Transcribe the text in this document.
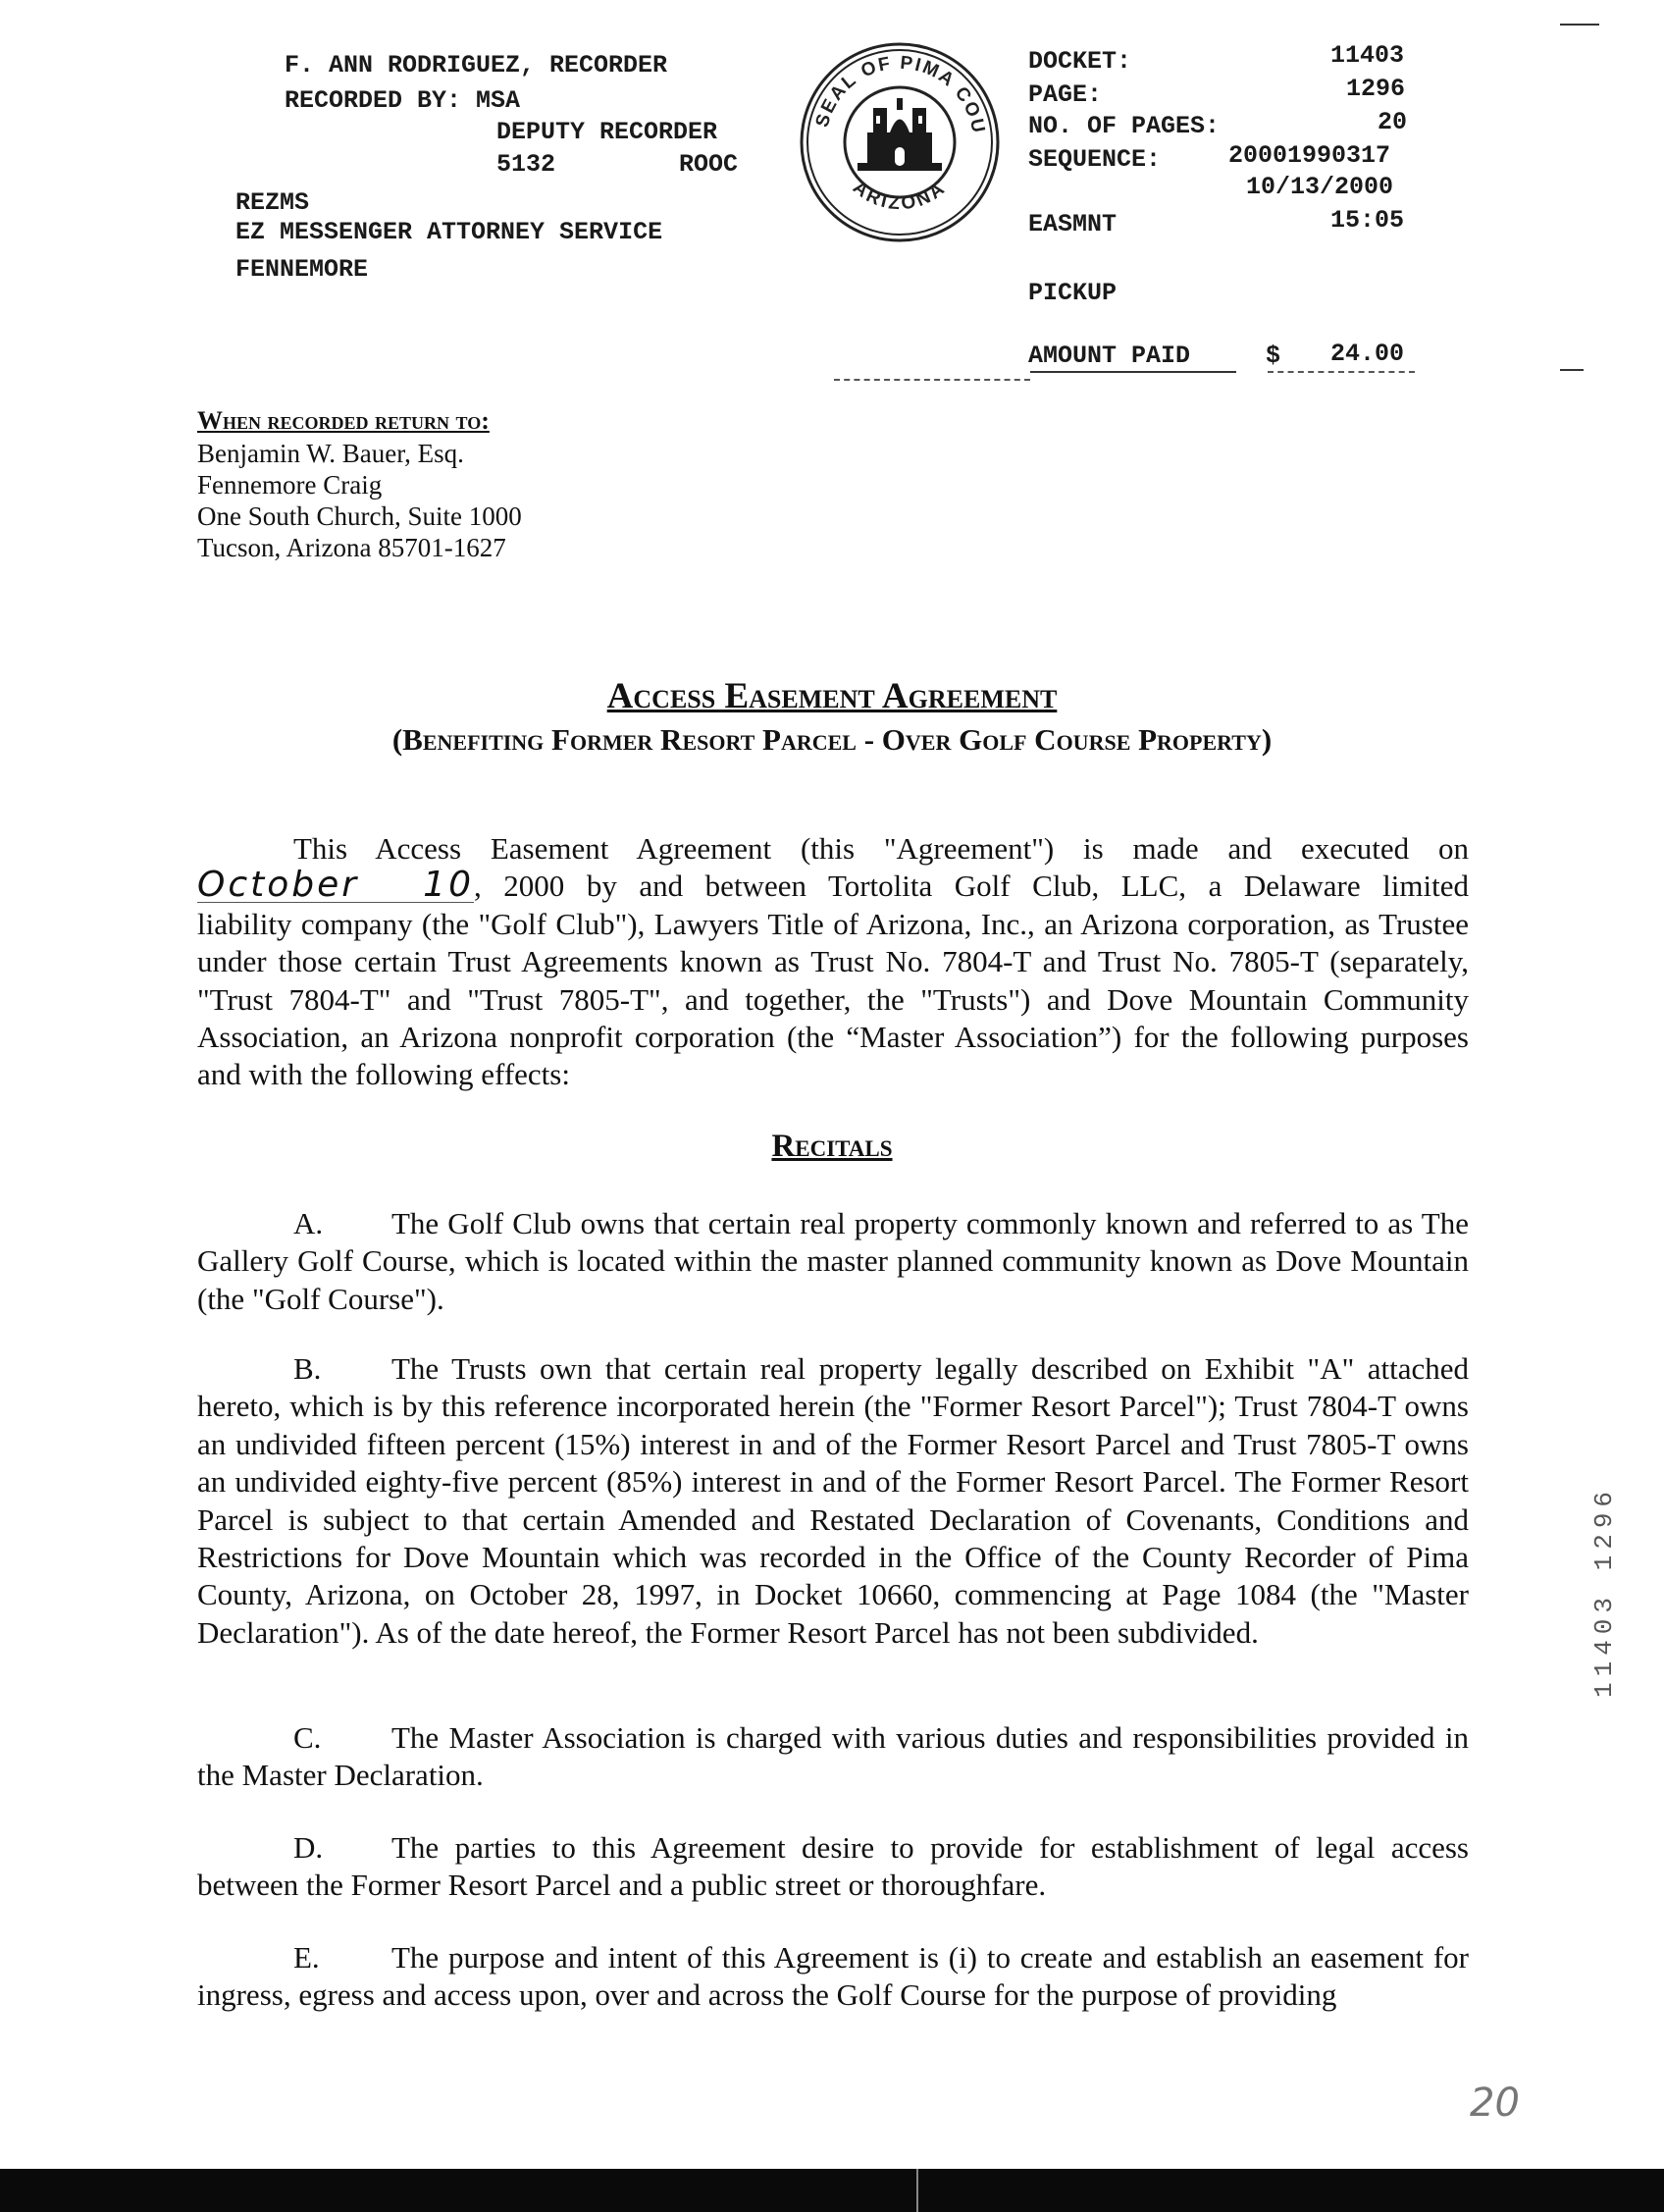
F. ANN RODRIGUEZ, RECORDER
RECORDED BY: MSA
DEPUTY RECORDER
5132	ROOC
REZMS
EZ MESSENGER ATTORNEY SERVICE
FENNEMORE
SEAL OF PIMA COU
ARIZONA
DOCKET:	11403
PAGE:	1296
NO. OF PAGES:	20
SEQUENCE:	20001990317
10/13/2000
EASMNT	15:05
PICKUP
AMOUNT PAID	$ 24.00
When recorded return to:
Benjamin W. Bauer, Esq.
Fennemore Craig
One South Church, Suite 1000
Tucson, Arizona 85701-1627
Access Easement Agreement
(Benefiting Former Resort Parcel - Over Golf Course Property)
This Access Easement Agreement (this "Agreement") is made and executed on
October 10, 2000 by and between Tortolita Golf Club, LLC, a Delaware limited
liability company (the "Golf Club"), Lawyers Title of Arizona, Inc., an Arizona corporation, as Trustee under those certain Trust Agreements known as Trust No. 7804-T and Trust No. 7805-T (separately, "Trust 7804-T" and "Trust 7805-T", and together, the "Trusts") and Dove Mountain Community Association, an Arizona nonprofit corporation (the “Master Association”) for the following purposes and with the following effects:
Recitals
A. The Golf Club owns that certain real property commonly known and referred to as The Gallery Golf Course, which is located within the master planned community known as Dove Mountain (the "Golf Course").
B. The Trusts own that certain real property legally described on Exhibit "A" attached hereto, which is by this reference incorporated herein (the "Former Resort Parcel"); Trust 7804-T owns an undivided fifteen percent (15%) interest in and of the Former Resort Parcel and Trust 7805-T owns an undivided eighty-five percent (85%) interest in and of the Former Resort Parcel. The Former Resort Parcel is subject to that certain Amended and Restated Declaration of Covenants, Conditions and Restrictions for Dove Mountain which was recorded in the Office of the County Recorder of Pima County, Arizona, on October 28, 1997, in Docket 10660, commencing at Page 1084 (the "Master Declaration"). As of the date hereof, the Former Resort Parcel has not been subdivided.
C. The Master Association is charged with various duties and responsibilities provided in the Master Declaration.
D. The parties to this Agreement desire to provide for establishment of legal access between the Former Resort Parcel and a public street or thoroughfare.
E. The purpose and intent of this Agreement is (i) to create and establish an easement for ingress, egress and access upon, over and across the Golf Course for the purpose of providing
11403 1296
20
